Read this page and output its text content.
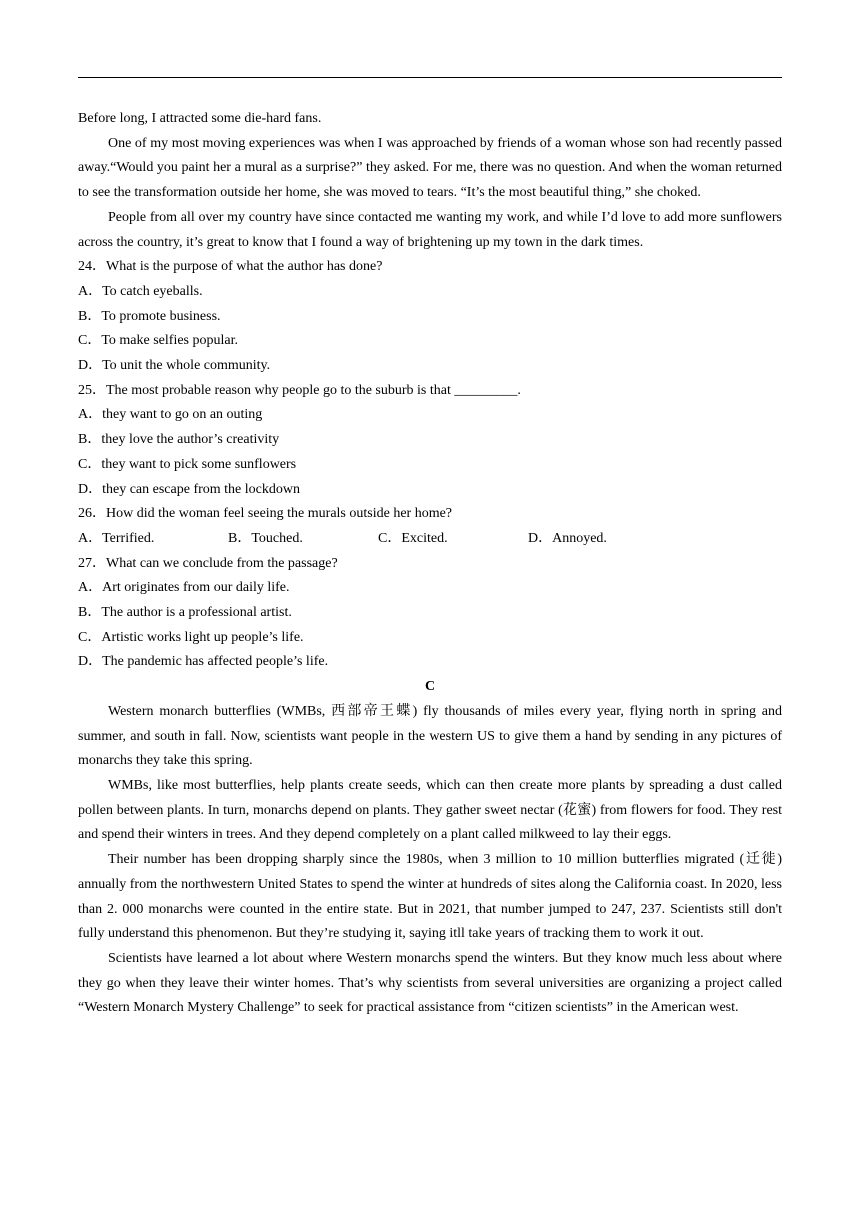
Before long, I attracted some die-hard fans.
One of my most moving experiences was when I was approached by friends of a woman whose son had recently passed away.“Would you paint her a mural as a surprise?” they asked. For me, there was no question. And when the woman returned to see the transformation outside her home, she was moved to tears. “It’s the most beautiful thing,” she choked.
People from all over my country have since contacted me wanting my work, and while I’d love to add more sunflowers across the country, it’s great to know that I found a way of brightening up my town in the dark times.
24．What is the purpose of what the author has done?
A．To catch eyeballs.
B．To promote business.
C．To make selfies popular.
D．To unit the whole community.
25．The most probable reason why people go to the suburb is that _________.
A．they want to go on an outing
B．they love the author’s creativity
C．they want to pick some sunflowers
D．they can escape from the lockdown
26．How did the woman feel seeing the murals outside her home?
A．Terrified.	B．Touched.	C．Excited.	D．Annoyed.
27．What can we conclude from the passage?
A．Art originates from our daily life.
B．The author is a professional artist.
C．Artistic works light up people’s life.
D．The pandemic has affected people’s life.
C
Western monarch butterflies (WMBs, 西部帝王蝶) fly thousands of miles every year, flying north in spring and summer, and south in fall. Now, scientists want people in the western US to give them a hand by sending in any pictures of monarchs they take this spring.
WMBs, like most butterflies, help plants create seeds, which can then create more plants by spreading a dust called pollen between plants. In turn, monarchs depend on plants. They gather sweet nectar (花蜜) from flowers for food. They rest and spend their winters in trees. And they depend completely on a plant called milkweed to lay their eggs.
Their number has been dropping sharply since the 1980s, when 3 million to 10 million butterflies migrated (迁徙) annually from the northwestern United States to spend the winter at hundreds of sites along the California coast. In 2020, less than 2. 000 monarchs were counted in the entire state. But in 2021, that number jumped to 247, 237. Scientists still don't fully understand this phenomenon. But they’re studying it, saying itll take years of tracking them to work it out.
Scientists have learned a lot about where Western monarchs spend the winters. But they know much less about where they go when they leave their winter homes. That’s why scientists from several universities are organizing a project called “Western Monarch Mystery Challenge” to seek for practical assistance from “citizen scientists” in the American west.
